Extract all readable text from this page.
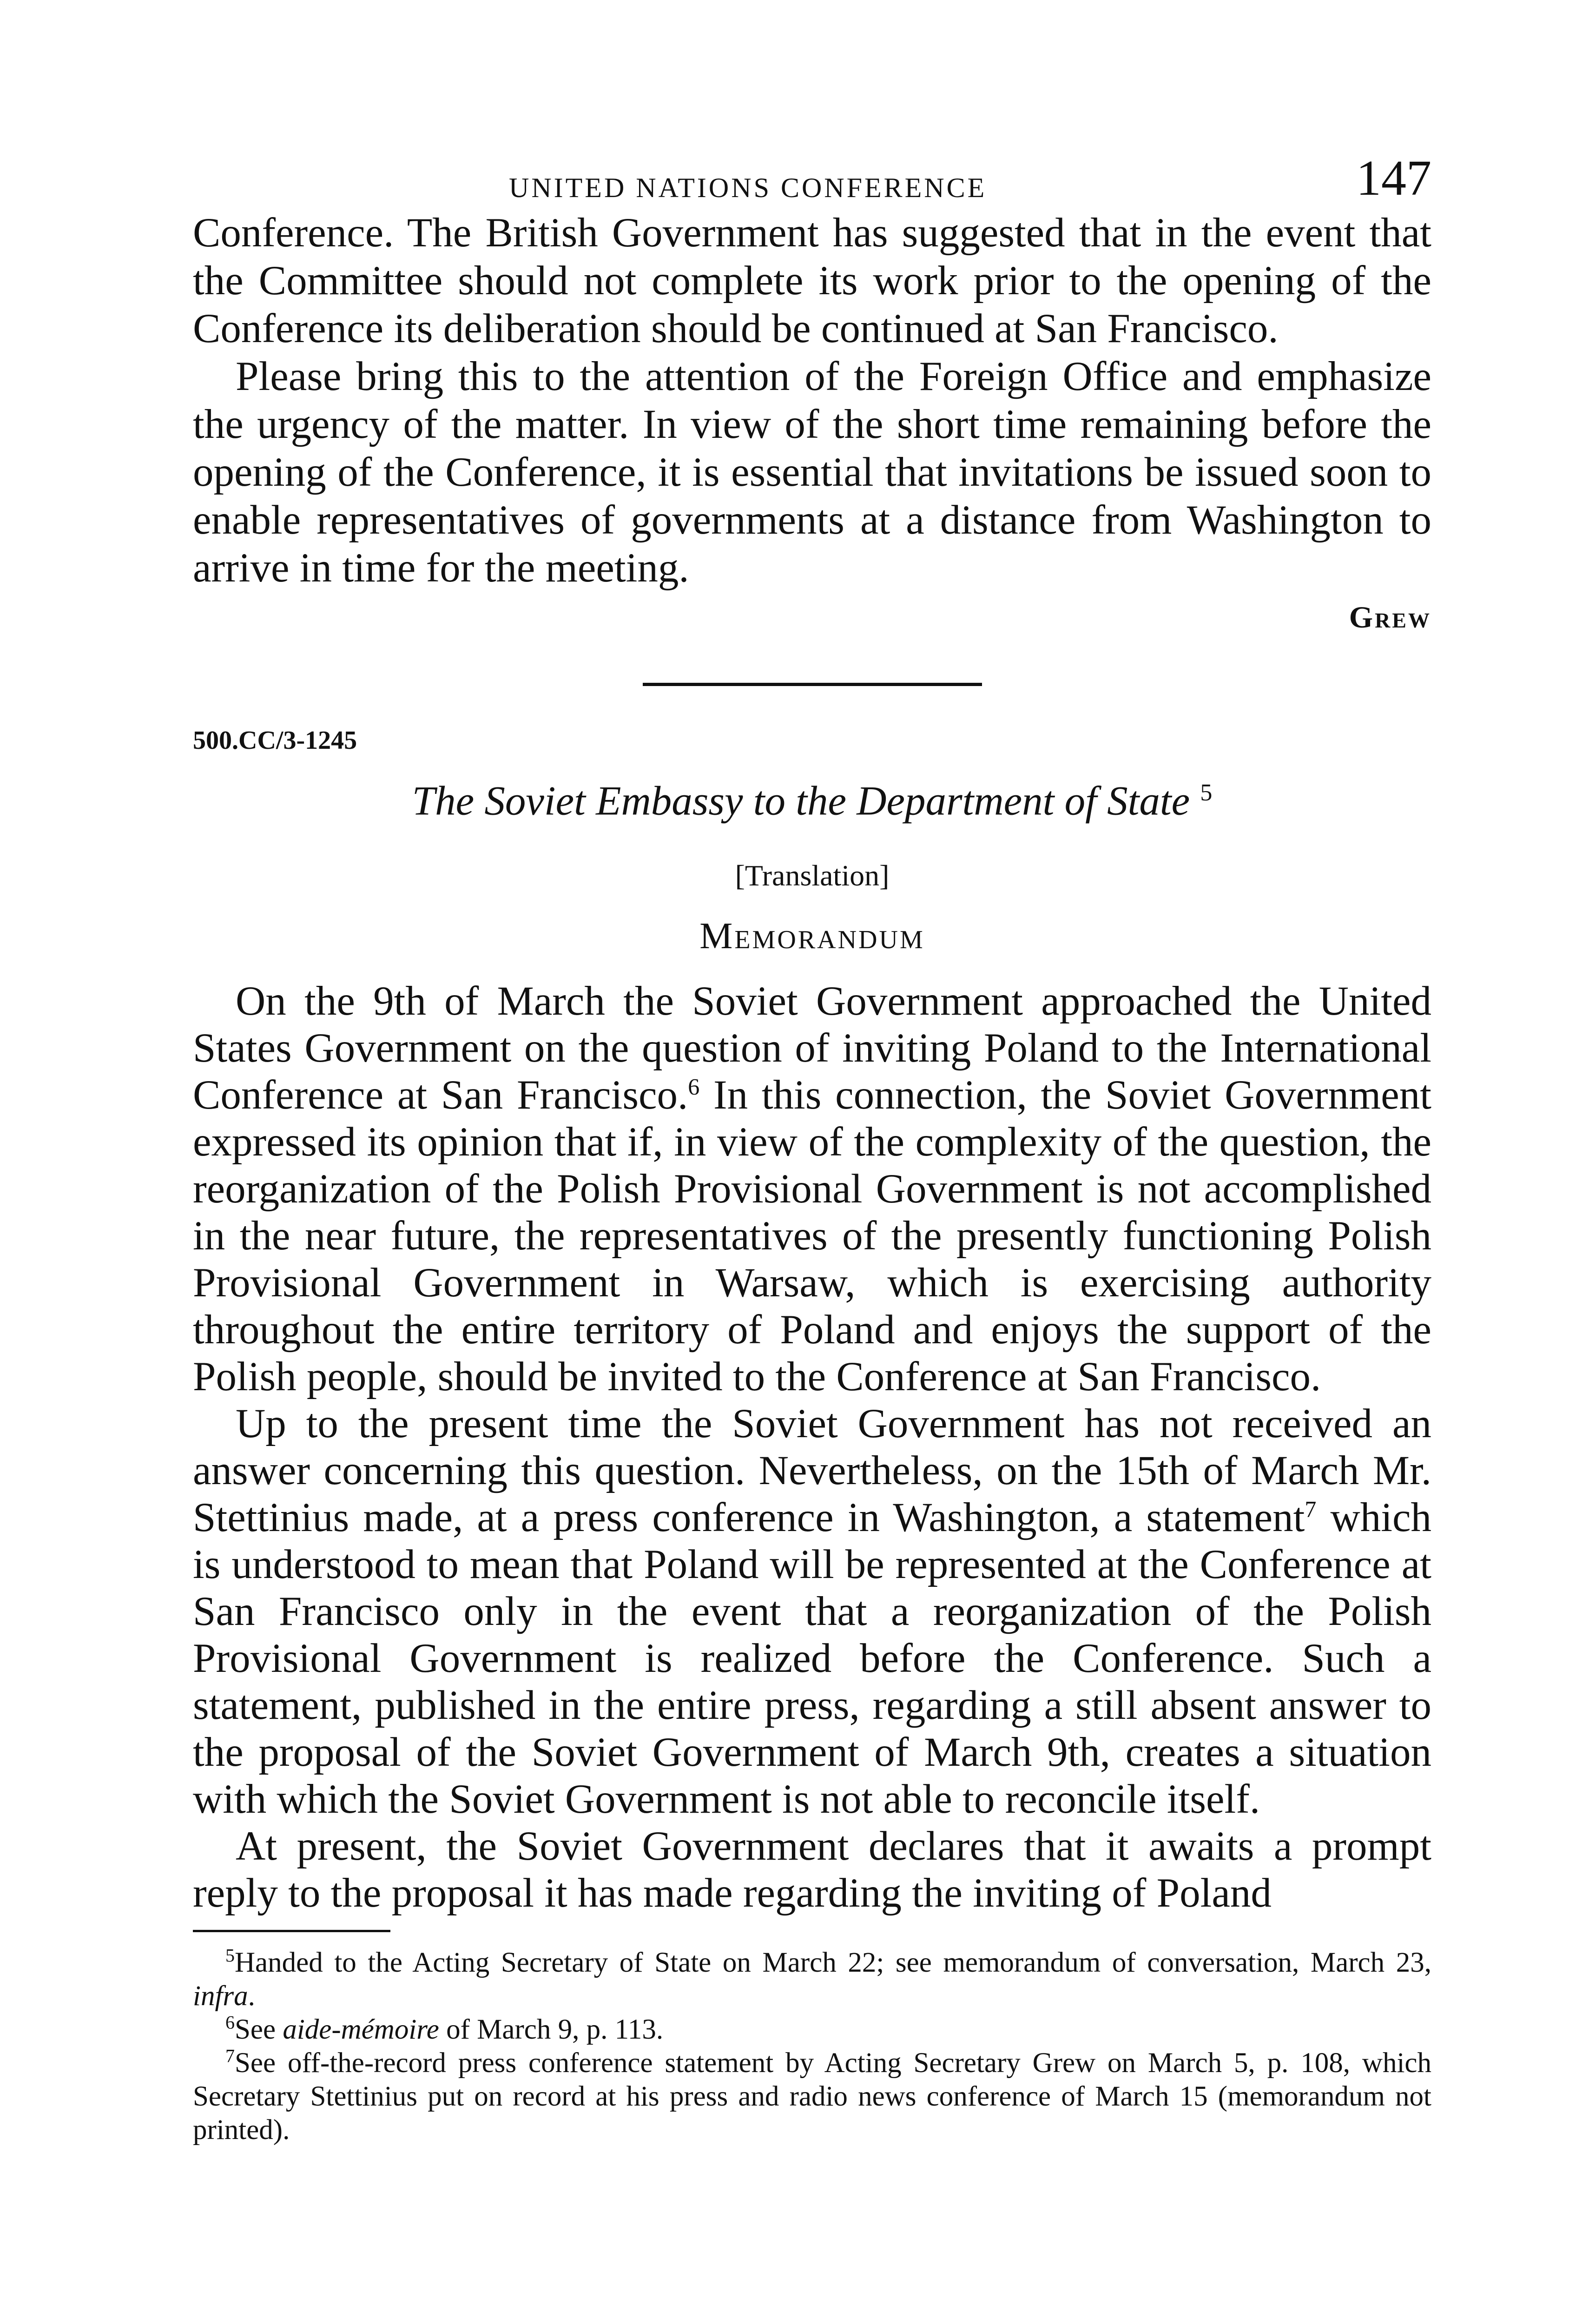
UNITED NATIONS CONFERENCE	147

Conference. The British Government has suggested that in the event that the Committee should not complete its work prior to the opening of the Conference its deliberation should be continued at San Francisco.

Please bring this to the attention of the Foreign Office and emphasize the urgency of the matter. In view of the short time remaining before the opening of the Conference, it is essential that invitations be issued soon to enable representatives of governments at a distance from Washington to arrive in time for the meeting.

Grew
500.CC/3-1245
The Soviet Embassy to the Department of State $^5$
[Translation]
Memorandum

On the 9th of March the Soviet Government approached the United States Government on the question of inviting Poland to the International Conference at San Francisco.$^6$ In this connection, the Soviet Government expressed its opinion that if, in view of the complexity of the question, the reorganization of the Polish Provisional Government is not accomplished in the near future, the representatives of the presently functioning Polish Provisional Government in Warsaw, which is exercising authority throughout the entire territory of Poland and enjoys the support of the Polish people, should be invited to the Conference at San Francisco.

Up to the present time the Soviet Government has not received an answer concerning this question. Nevertheless, on the 15th of March Mr. Stettinius made, at a press conference in Washington, a statement$^7$ which is understood to mean that Poland will be represented at the Conference at San Francisco only in the event that a reorganization of the Polish Provisional Government is realized before the Conference. Such a statement, published in the entire press, regarding a still absent answer to the proposal of the Soviet Government of March 9th, creates a situation with which the Soviet Government is not able to reconcile itself.

At present, the Soviet Government declares that it awaits a prompt reply to the proposal it has made regarding the inviting of Poland

$^5$Handed to the Acting Secretary of State on March 22; see memorandum of conversation, March 23, infra.

$^6$See aide-mémoire of March 9, p. 113.

$^7$See off-the-record press conference statement by Acting Secretary Grew on March 5, p. 108, which Secretary Stettinius put on record at his press and radio news conference of March 15 (memorandum not printed).
